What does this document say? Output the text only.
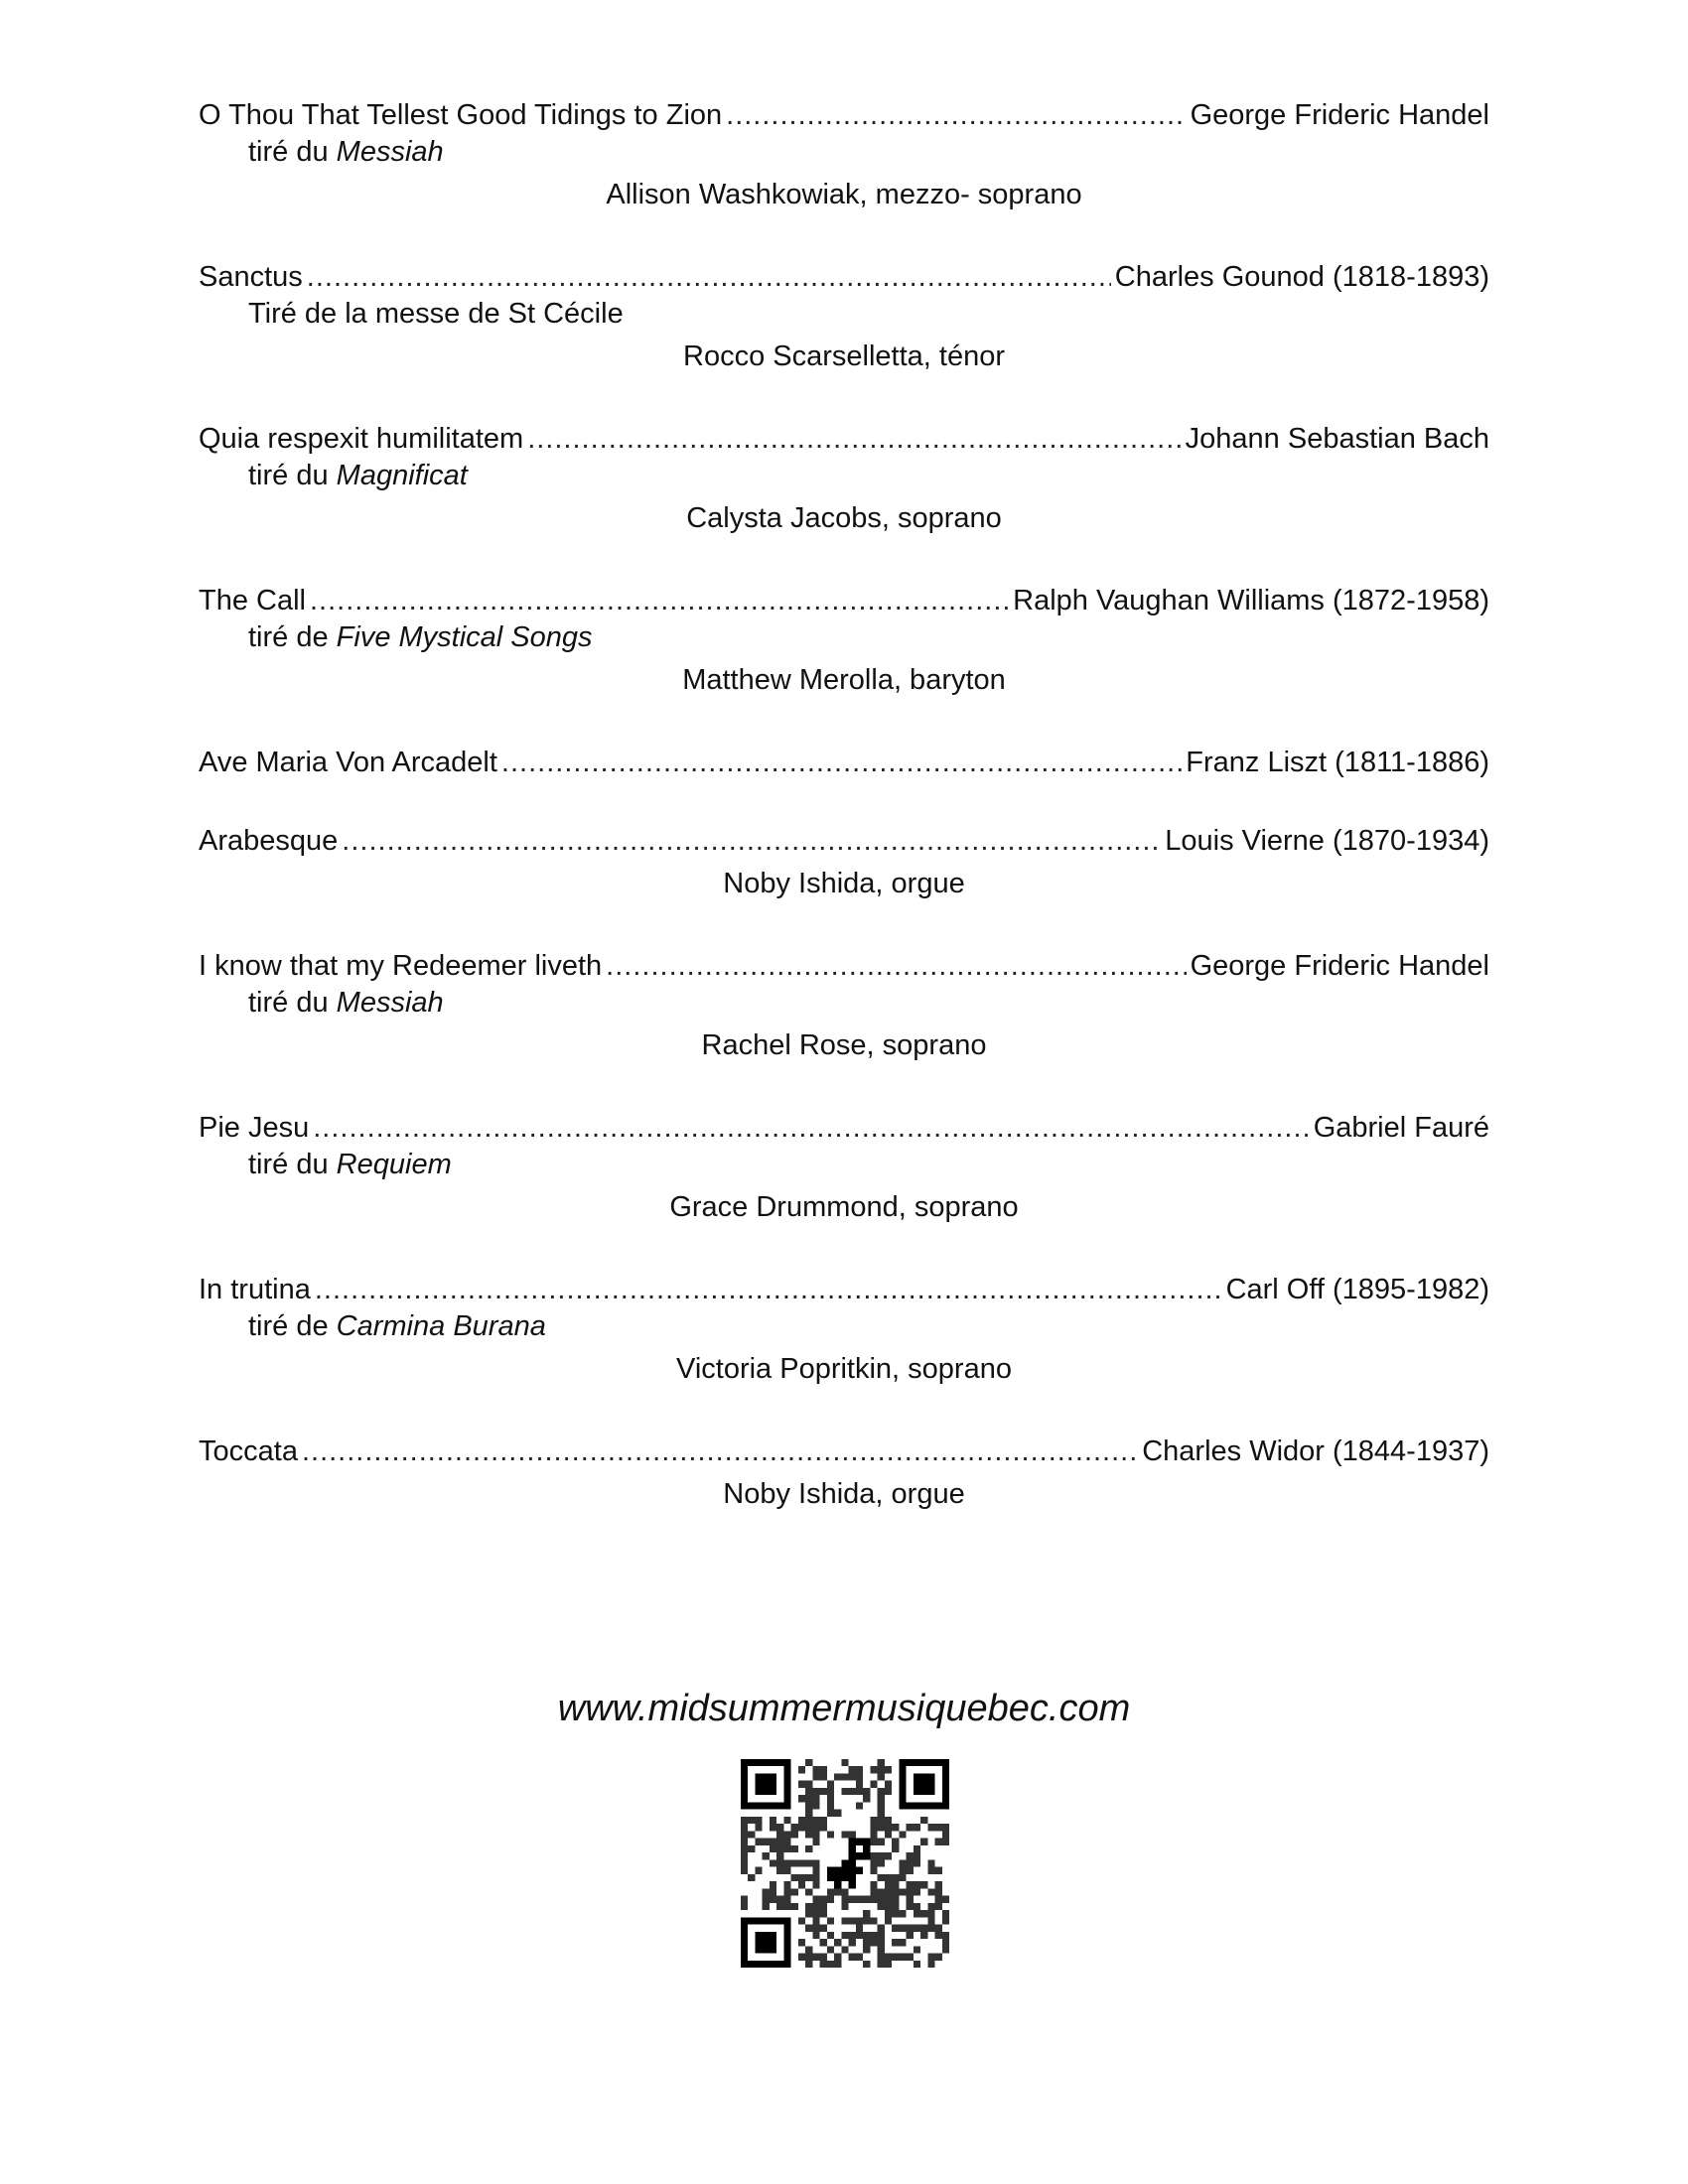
O Thou That Tellest Good Tidings to Zion .....	George Frideric Handel
tiré du Messiah
Allison Washkowiak, mezzo- soprano
Sanctus .....	Charles Gounod (1818-1893)
Tiré de la messe de St Cécile
Rocco Scarselletta, ténor
Quia respexit humilitatem .....	Johann Sebastian Bach
tiré du Magnificat
Calysta Jacobs, soprano
The Call .....	Ralph Vaughan Williams (1872-1958)
tiré de Five Mystical Songs
Matthew Merolla, baryton
Ave Maria Von Arcadelt .....	Franz Liszt (1811-1886)
Arabesque .....	Louis Vierne (1870-1934)
Noby Ishida, orgue
I know that my Redeemer liveth .....	George Frideric Handel
tiré du Messiah
Rachel Rose, soprano
Pie Jesu .....	Gabriel Fauré
tiré du Requiem
Grace Drummond, soprano
In trutina .....	Carl Off (1895-1982)
tiré de Carmina Burana
Victoria Popritkin, soprano
Toccata .....	Charles Widor (1844-1937)
Noby Ishida, orgue
www.midsummermusiquebec.com
